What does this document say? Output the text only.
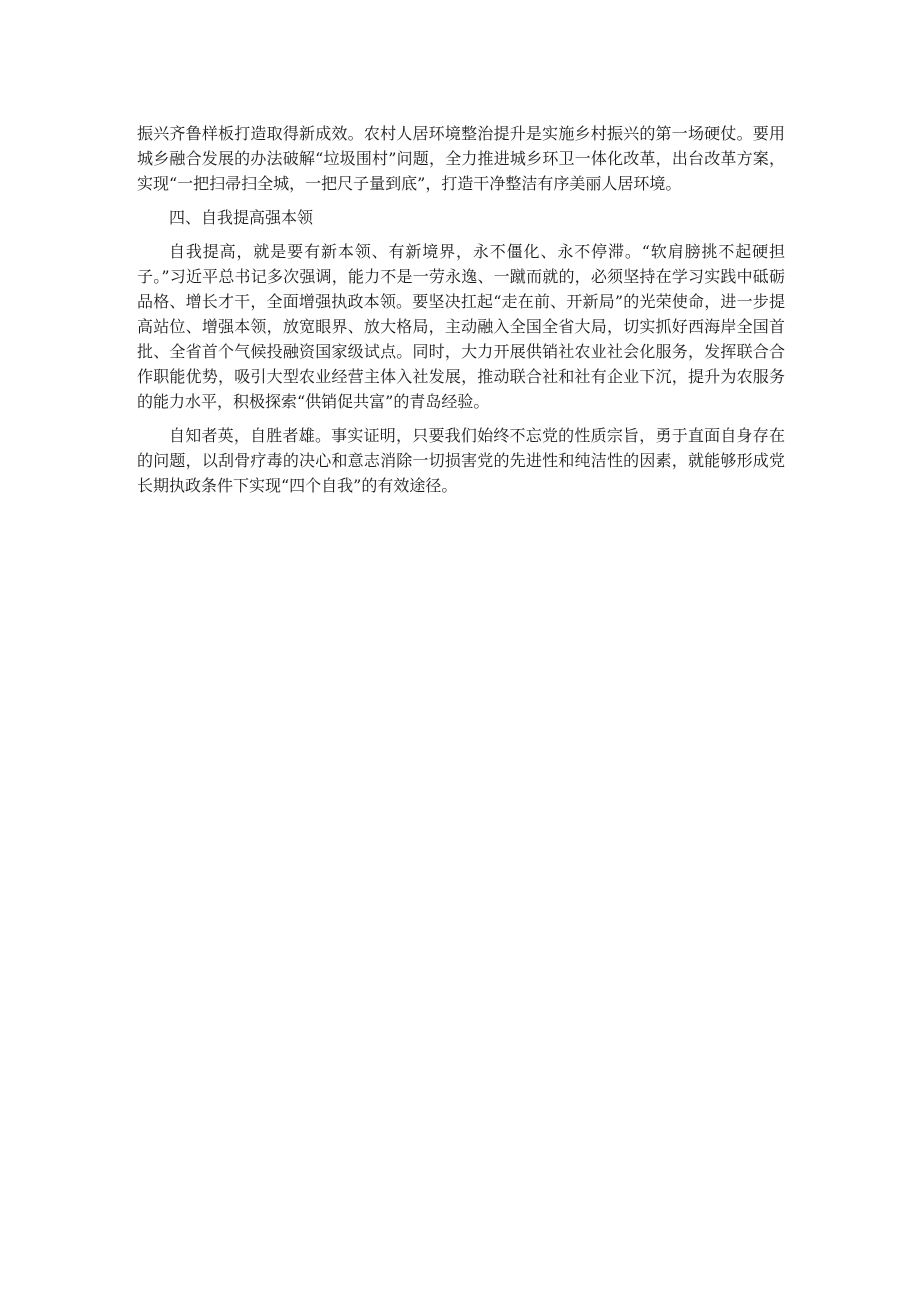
振兴齐鲁样板打造取得新成效。农村人居环境整治提升是实施乡村振兴的第一场硬仗。要用城乡融合发展的办法破解“垃圾围村”问题，全力推进城乡环卫一体化改革，出台改革方案，实现“一把扫帚扫全城，一把尺子量到底”，打造干净整洁有序美丽人居环境。

四、自我提高强本领

自我提高，就是要有新本领、有新境界，永不僵化、永不停滞。“软肩膀挑不起硬担子。”习近平总书记多次强调，能力不是一劳永逸、一蹴而就的，必须坚持在学习实践中砥砺品格、增长才干，全面增强执政本领。要坚决扛起“走在前、开新局”的光荣使命，进一步提高站位、增强本领，放宽眼界、放大格局，主动融入全国全省大局，切实抓好西海岸全国首批、全省首个气候投融资国家级试点。同时，大力开展供销社农业社会化服务，发挥联合合作职能优势，吸引大型农业经营主体入社发展，推动联合社和社有企业下沉，提升为农服务的能力水平，积极探索“供销促共富”的青岛经验。

自知者英，自胜者雄。事实证明，只要我们始终不忘党的性质宗旨，勇于直面自身存在的问题，以刮骨疗毒的决心和意志消除一切损害党的先进性和纯洁性的因素，就能够形成党长期执政条件下实现“四个自我”的有效途径。
